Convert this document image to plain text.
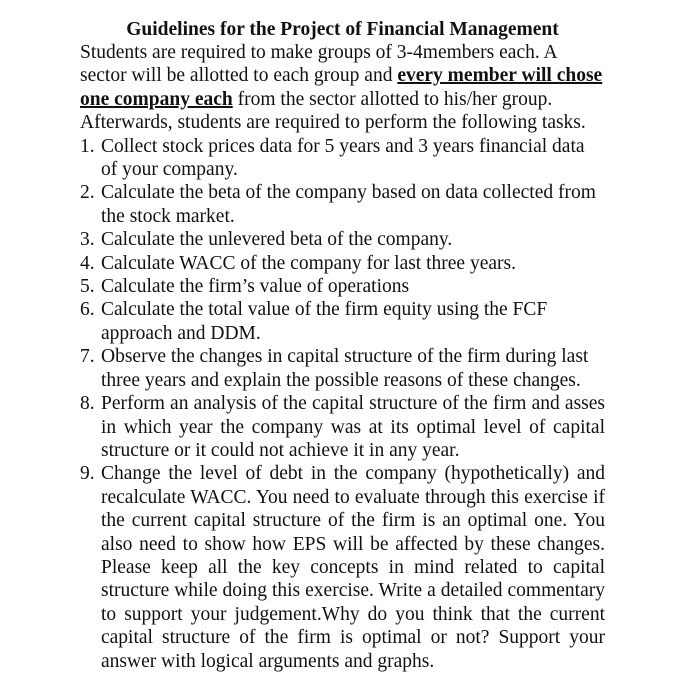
Guidelines for the Project of Financial Management

Students are required to make groups of 3-4members each. A sector will be allotted to each group and every member will chose one company each from the sector allotted to his/her group. Afterwards, students are required to perform the following tasks.

1. Collect stock prices data for 5 years and 3 years financial data of your company.
2. Calculate the beta of the company based on data collected from the stock market.
3. Calculate the unlevered beta of the company.
4. Calculate WACC of the company for last three years.
5. Calculate the firm’s value of operations
6. Calculate the total value of the firm equity using the FCF approach and DDM.
7. Observe the changes in capital structure of the firm during last three years and explain the possible reasons of these changes.
8. Perform an analysis of the capital structure of the firm and asses in which year the company was at its optimal level of capital structure or it could not achieve it in any year.
9. Change the level of debt in the company (hypothetically) and recalculate WACC. You need to evaluate through this exercise if the current capital structure of the firm is an optimal one. You also need to show how EPS will be affected by these changes. Please keep all the key concepts in mind related to capital structure while doing this exercise. Write a detailed commentary to support your judgement.Why do you think that the current capital structure of the firm is optimal or not? Support your answer with logical arguments and graphs.
